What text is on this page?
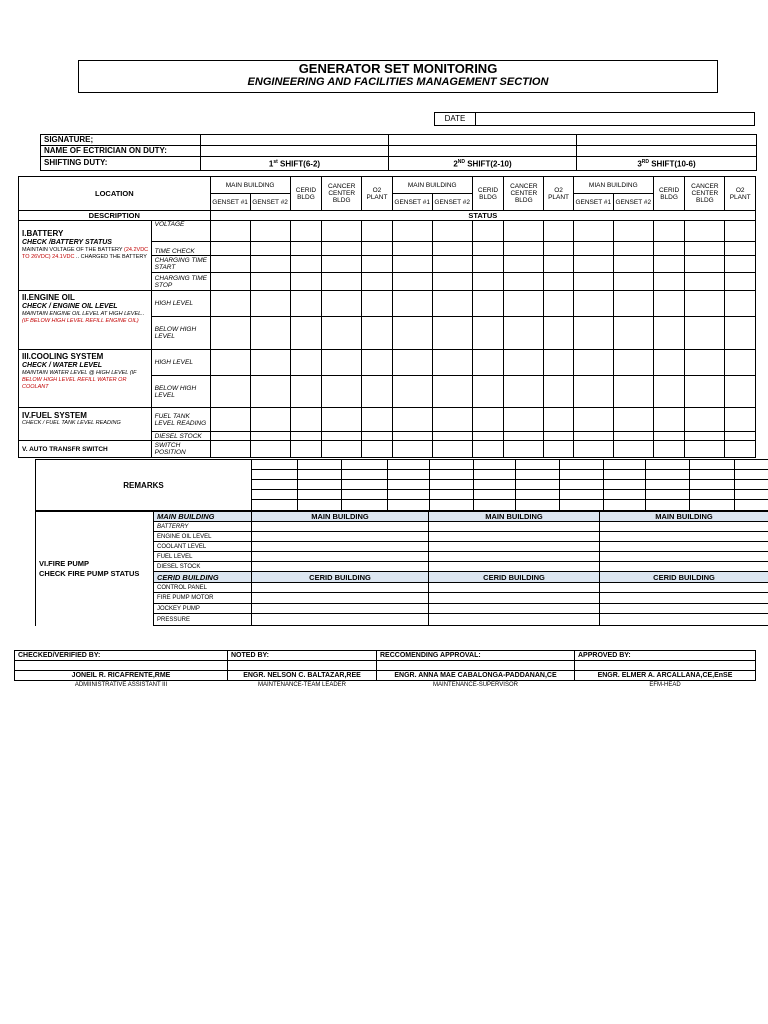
GENERATOR SET MONITORING
ENGINEERING AND FACILITIES MANAGEMENT SECTION
DATE
SIGNATURE;			
NAME OF ECTRICIAN ON DUTY:			
SHIFTING DUTY:	1st SHIFT(6-2)	2ND SHIFT(2-10)	3RD SHIFT(10-6)
LOCATION		MAIN BUILDING		CERID BLDG	CANCER CENTER BLDG	O2 PLANT	MAIN BUILDING		CERID BLDG	CANCER CENTER BLDG	O2 PLANT	MIAN BUILDING		CERID BLDG	CANCER CENTER BLDG	O2 PLANT
		GENSET #1	GENSET #2				GENSET #1	GENSET #2				GENSET #1	GENSET #2			
DESCRIPTION		STATUS														

I.BATTERY
CHECK /BATTERY STATUS
MAINTAIN VOLTAGE OF THE BATTERY (24.2VDC TO 26VDC) 24.1VDC .. CHARGED THE BATTERY	VOLTAGE															
	TIME CHECK															
	CHARGING TIME START															
	CHARGING TIME STOP															

II.ENGINE OIL
CHECK / ENGINE OIL LEVEL
MAINTAIN ENGINE OIL LEVEL AT HIGH LEVEL..
(IF BELOW HIGH LEVEL REFILL ENGINE OIL)	HIGH LEVEL															
	BELOW HIGH LEVEL															

III.COOLING SYSTEM
CHECK / WATER LEVEL
MAINTAIN WATER LEVEL @ HIGH LEVEL (IF BELOW HIGH LEVEL REFILL WATER OR COOLANT	HIGH LEVEL															
	BELOW HIGH LEVEL															

IV.FUEL SYSTEM
CHECK / FUEL TANK LEVEL READING	FUEL TANK LEVEL READING															
	DIESEL STOCK															
V. AUTO TRANSFR SWITCH	SWITCH POSITION															
REMARKS													

VI.FIRE PUMP
CHECK FIRE PUMP STATUS	MAIN BUILDING	MAIN BUILDING	MAIN BUILDING	MAIN BUILDING
	BATTERRY			
	ENGINE OIL LEVEL			
	COOLANT LEVEL			
	FUEL LEVEL			
	DIESEL STOCK			
	CERID BUILDING	CERID BUILDING	CERID BUILDING	CERID BUILDING
	CONTROL PANEL			
	FIRE PUMP MOTOR			
	JOCKEY PUMP			
	PRESSURE			
CHECKED/VERIFIED BY:	NOTED BY:	RECCOMENDING APPROVAL:	APPROVED BY:

JONEIL R. RICAFRENTE,RME	ENGR. NELSON C. BALTAZAR,REE	ENGR. ANNA MAE CABALONGA-PADDANAN,CE	ENGR. ELMER A. ARCALLANA,CE,EnSE
ADMIINISTRATIVE ASSISTANT III	MAINTENANCE-TEAM LEADER	MAINTENANCE-SUPERVISOR	EFM-HEAD
